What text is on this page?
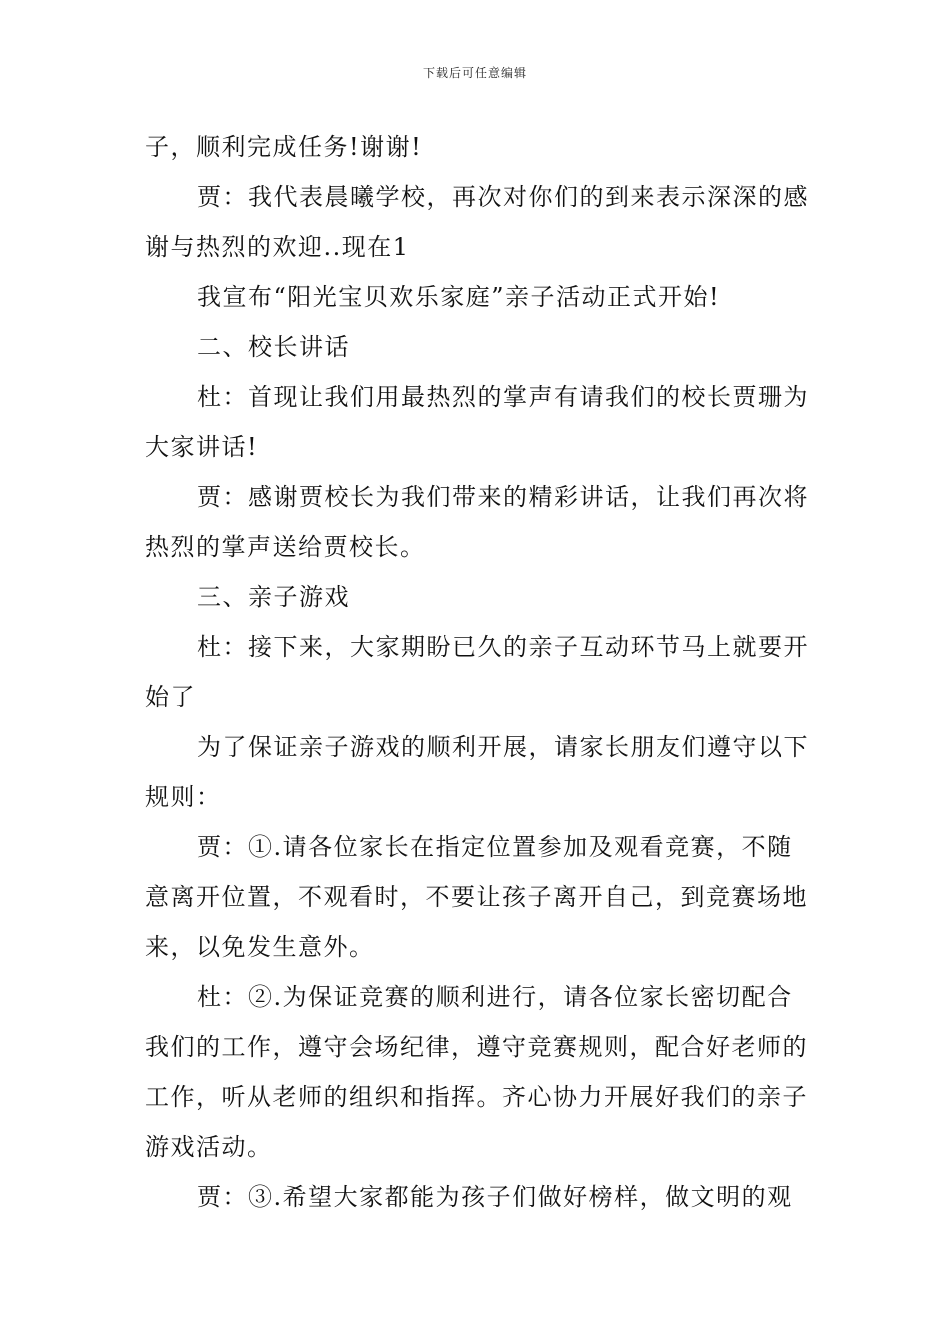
下载后可任意编辑

子，顺利完成任务!谢谢!

贾：我代表晨曦学校，再次对你们的到来表示深深的感谢与热烈的欢迎..现在1

我宣布“阳光宝贝欢乐家庭”亲子活动正式开始!

二、校长讲话

杜：首现让我们用最热烈的掌声有请我们的校长贾珊为大家讲话!

贾：感谢贾校长为我们带来的精彩讲话，让我们再次将热烈的掌声送给贾校长。

三、亲子游戏

杜：接下来，大家期盼已久的亲子互动环节马上就要开始了

为了保证亲子游戏的顺利开展，请家长朋友们遵守以下规则：

贾：①.请各位家长在指定位置参加及观看竞赛，不随意离开位置，不观看时，不要让孩子离开自己，到竞赛场地来，以免发生意外。

杜：②.为保证竞赛的顺利进行，请各位家长密切配合我们的工作，遵守会场纪律，遵守竞赛规则，配合好老师的工作，听从老师的组织和指挥。齐心协力开展好我们的亲子游戏活动。

贾：③.希望大家都能为孩子们做好榜样，做文明的观
